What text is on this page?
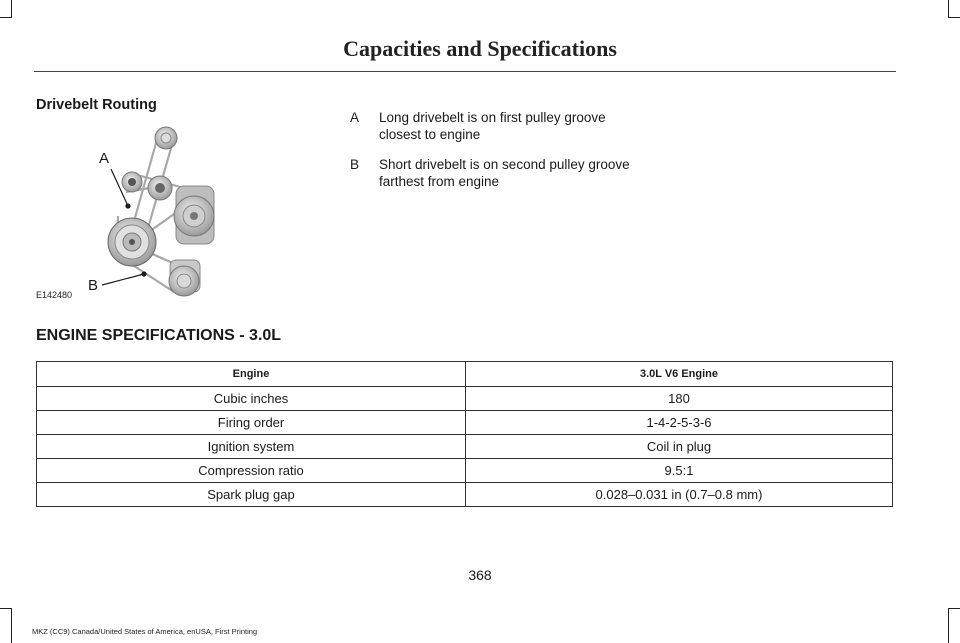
Capacities and Specifications
Drivebelt Routing
A
B
E142480
A	Long drivebelt is on first pulley groove closest to engine
B	Short drivebelt is on second pulley groove farthest from engine
ENGINE SPECIFICATIONS - 3.0L
Engine	3.0L V6 Engine
Cubic inches	180
Firing order	1-4-2-5-3-6
Ignition system	Coil in plug
Compression ratio	9.5:1
Spark plug gap	0.028–0.031 in (0.7–0.8 mm)
368
MKZ (CC9) Canada/United States of America, enUSA, First Printing
